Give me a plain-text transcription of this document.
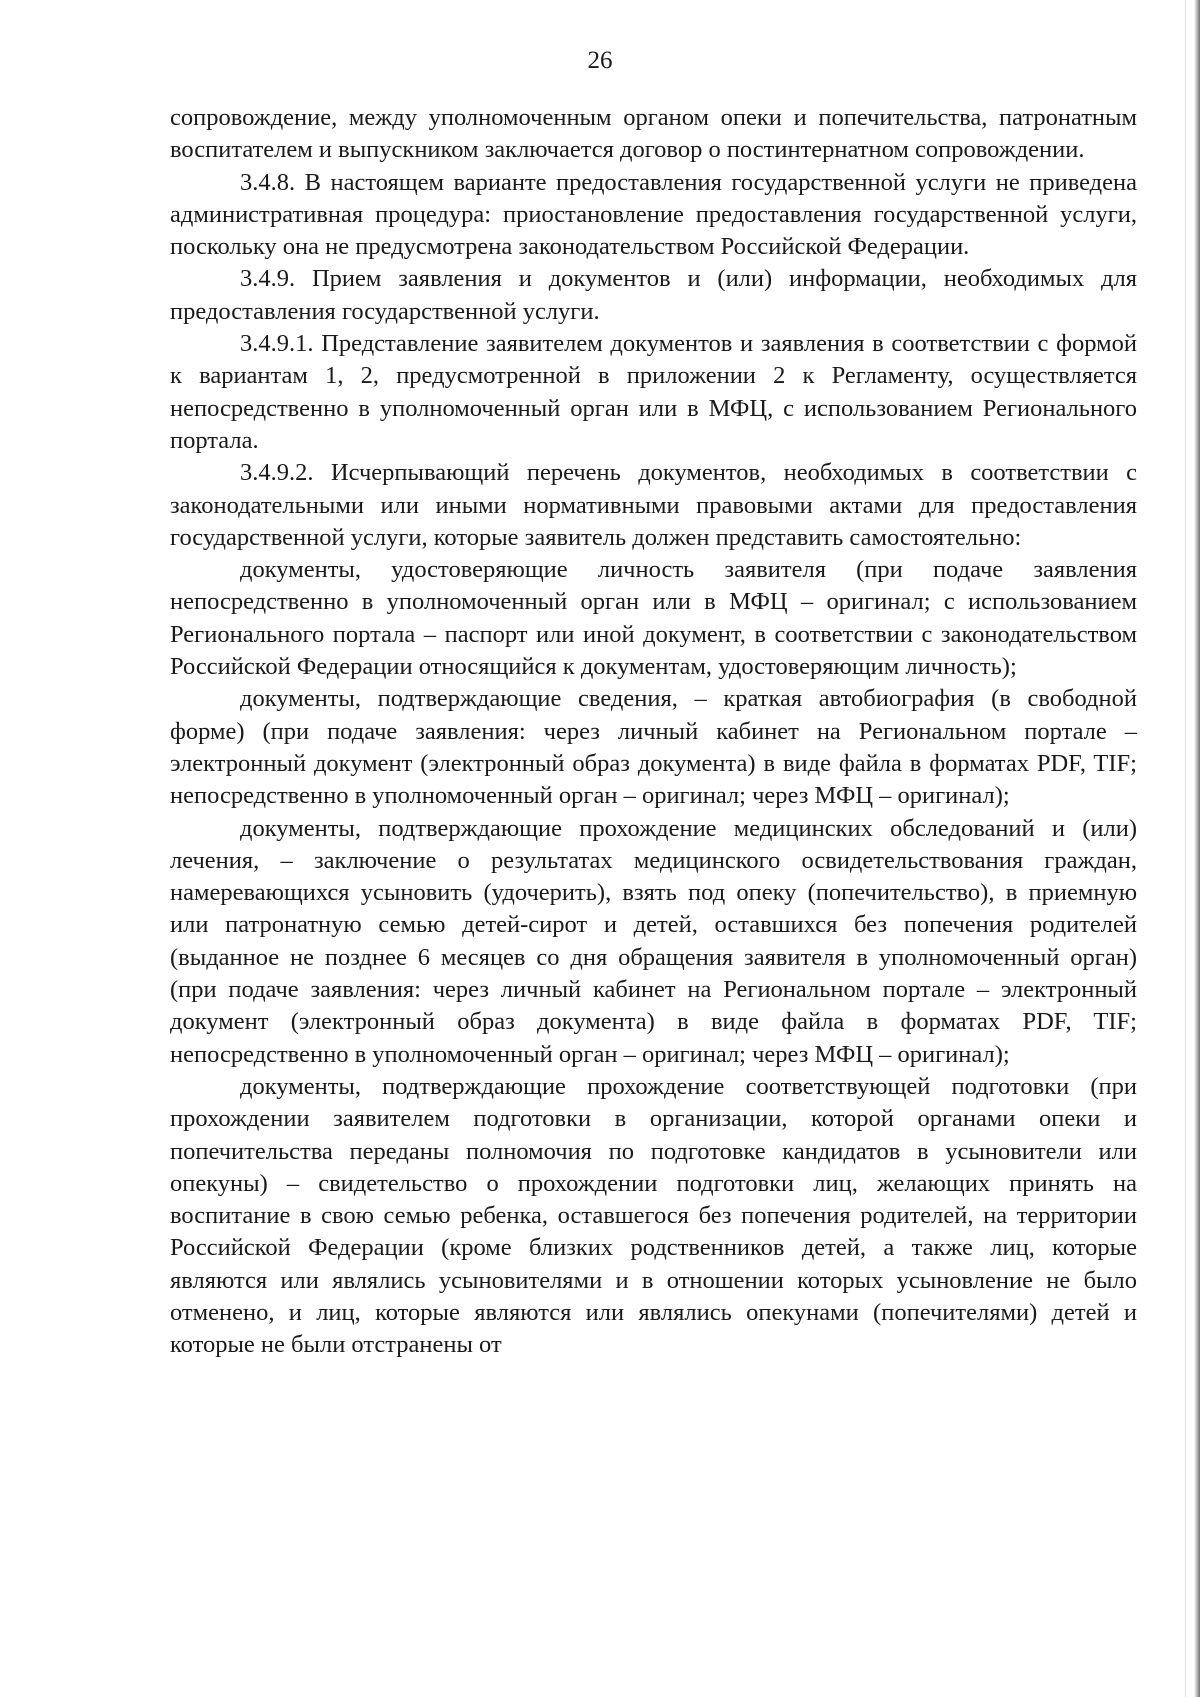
26

сопровождение, между уполномоченным органом опеки и попечительства, патронатным воспитателем и выпускником заключается договор о постинтернатном сопровождении.

3.4.8. В настоящем варианте предоставления государственной услуги не приведена административная процедура: приостановление предоставления государственной услуги, поскольку она не предусмотрена законодательством Российской Федерации.

3.4.9. Прием заявления и документов и (или) информации, необходимых для предоставления государственной услуги.

3.4.9.1. Представление заявителем документов и заявления в соответствии с формой к вариантам 1, 2, предусмотренной в приложении 2 к Регламенту, осуществляется непосредственно в уполномоченный орган или в МФЦ, с использованием Регионального портала.

3.4.9.2. Исчерпывающий перечень документов, необходимых в соответствии с законодательными или иными нормативными правовыми актами для предоставления государственной услуги, которые заявитель должен представить самостоятельно:

документы, удостоверяющие личность заявителя (при подаче заявления непосредственно в уполномоченный орган или в МФЦ – оригинал; с использованием Регионального портала – паспорт или иной документ, в соответствии с законодательством Российской Федерации относящийся к документам, удостоверяющим личность);

документы, подтверждающие сведения, – краткая автобиография (в свободной форме) (при подаче заявления: через личный кабинет на Региональном портале – электронный документ (электронный образ документа) в виде файла в форматах PDF, TIF; непосредственно в уполномоченный орган – оригинал; через МФЦ – оригинал);

документы, подтверждающие прохождение медицинских обследований и (или) лечения, – заключение о результатах медицинского освидетельствования граждан, намеревающихся усыновить (удочерить), взять под опеку (попечительство), в приемную или патронатную семью детей-сирот и детей, оставшихся без попечения родителей (выданное не позднее 6 месяцев со дня обращения заявителя в уполномоченный орган) (при подаче заявления: через личный кабинет на Региональном портале – электронный документ (электронный образ документа) в виде файла в форматах PDF, TIF; непосредственно в уполномоченный орган – оригинал; через МФЦ – оригинал);

документы, подтверждающие прохождение соответствующей подготовки (при прохождении заявителем подготовки в организации, которой органами опеки и попечительства переданы полномочия по подготовке кандидатов в усыновители или опекуны) – свидетельство о прохождении подготовки лиц, желающих принять на воспитание в свою семью ребенка, оставшегося без попечения родителей, на территории Российской Федерации (кроме близких родственников детей, а также лиц, которые являются или являлись усыновителями и в отношении которых усыновление не было отменено, и лиц, которые являются или являлись опекунами (попечителями) детей и которые не были отстранены от
